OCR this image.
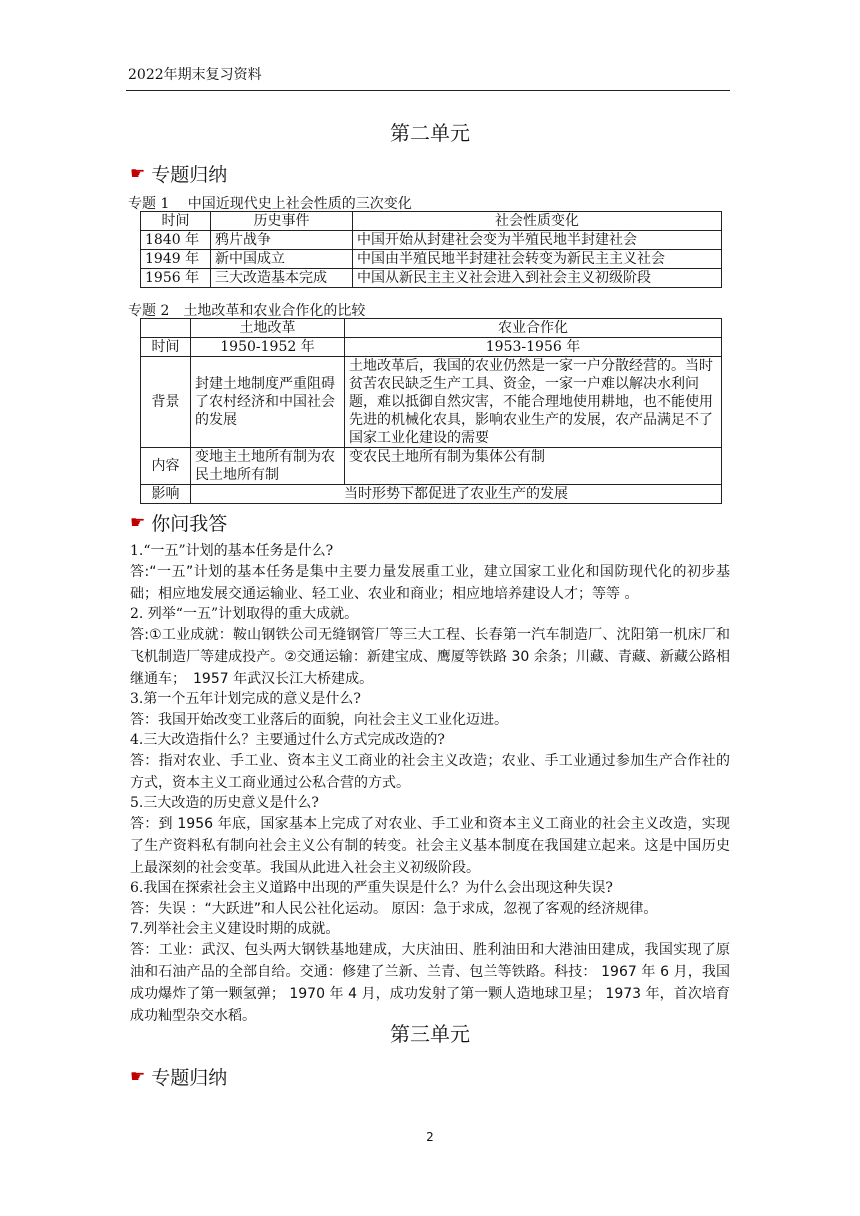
2022年期末复习资料
第二单元
☛ 专题归纳
专题 1　 中国近现代史上社会性质的三次变化
时间	历史事件	社会性质变化
1840 年	鸦片战争	中国开始从封建社会变为半殖民地半封建社会
1949 年	新中国成立	中国由半殖民地半封建社会转变为新民主主义社会
1956 年	三大改造基本完成	中国从新民主主义社会进入到社会主义初级阶段
专题 2　土地改革和农业合作化的比较
	土地改革	农业合作化
时间	1950-1952 年	1953-1956 年
背景	封建土地制度严重阻碍了农村经济和中国社会的发展	土地改革后，我国的农业仍然是一家一户分散经营的。当时贫苦农民缺乏生产工具、资金，一家一户难以解决水利问题，难以抵御自然灾害，不能合理地使用耕地，也不能使用先进的机械化农具，影响农业生产的发展，农产品满足不了国家工业化建设的需要
内容	变地主土地所有制为农民土地所有制	变农民土地所有制为集体公有制
影响	当时形势下都促进了农业生产的发展	
☛ 你问我答

1.“一五”计划的基本任务是什么?

答:“一五”计划的基本任务是集中主要力量发展重工业，建立国家工业化和国防现代化的初步基础；相应地发展交通运输业、轻工业、农业和商业；相应地培养建设人才；等等 。

2. 列举“一五”计划取得的重大成就。

答:①工业成就：鞍山钢铁公司无缝钢管厂等三大工程、长春第一汽车制造厂、沈阳第一机床厂和飞机制造厂等建成投产。②交通运输：新建宝成、鹰厦等铁路 30 余条；川藏、青藏、新藏公路相继通车；　1957 年武汉长江大桥建成。

3.第一个五年计划完成的意义是什么?

答：我国开始改变工业落后的面貌，向社会主义工业化迈进。

4.三大改造指什么？主要通过什么方式完成改造的?

答：指对农业、手工业、资本主义工商业的社会主义改造；农业、手工业通过参加生产合作社的方式，资本主义工商业通过公私合营的方式。

5.三大改造的历史意义是什么?

答：到 1956 年底，国家基本上完成了对农业、手工业和资本主义工商业的社会主义改造，实现了生产资料私有制向社会主义公有制的转变。社会主义基本制度在我国建立起来。这是中国历史上最深刻的社会变革。我国从此进入社会主义初级阶段。

6.我国在探索社会主义道路中出现的严重失误是什么？为什么会出现这种失误?

答：失误 ：“大跃进”和人民公社化运动。 原因：急于求成，忽视了客观的经济规律。

7.列举社会主义建设时期的成就。

答：工业：武汉、包头两大钢铁基地建成，大庆油田、胜利油田和大港油田建成，我国实现了原油和石油产品的全部自给。交通：修建了兰新、兰青、包兰等铁路。科技： 1967 年 6 月，我国成功爆炸了第一颗氢弹； 1970 年 4 月，成功发射了第一颗人造地球卫星； 1973 年，首次培育成功籼型杂交水稻。

第三单元
☛ 专题归纳
2
